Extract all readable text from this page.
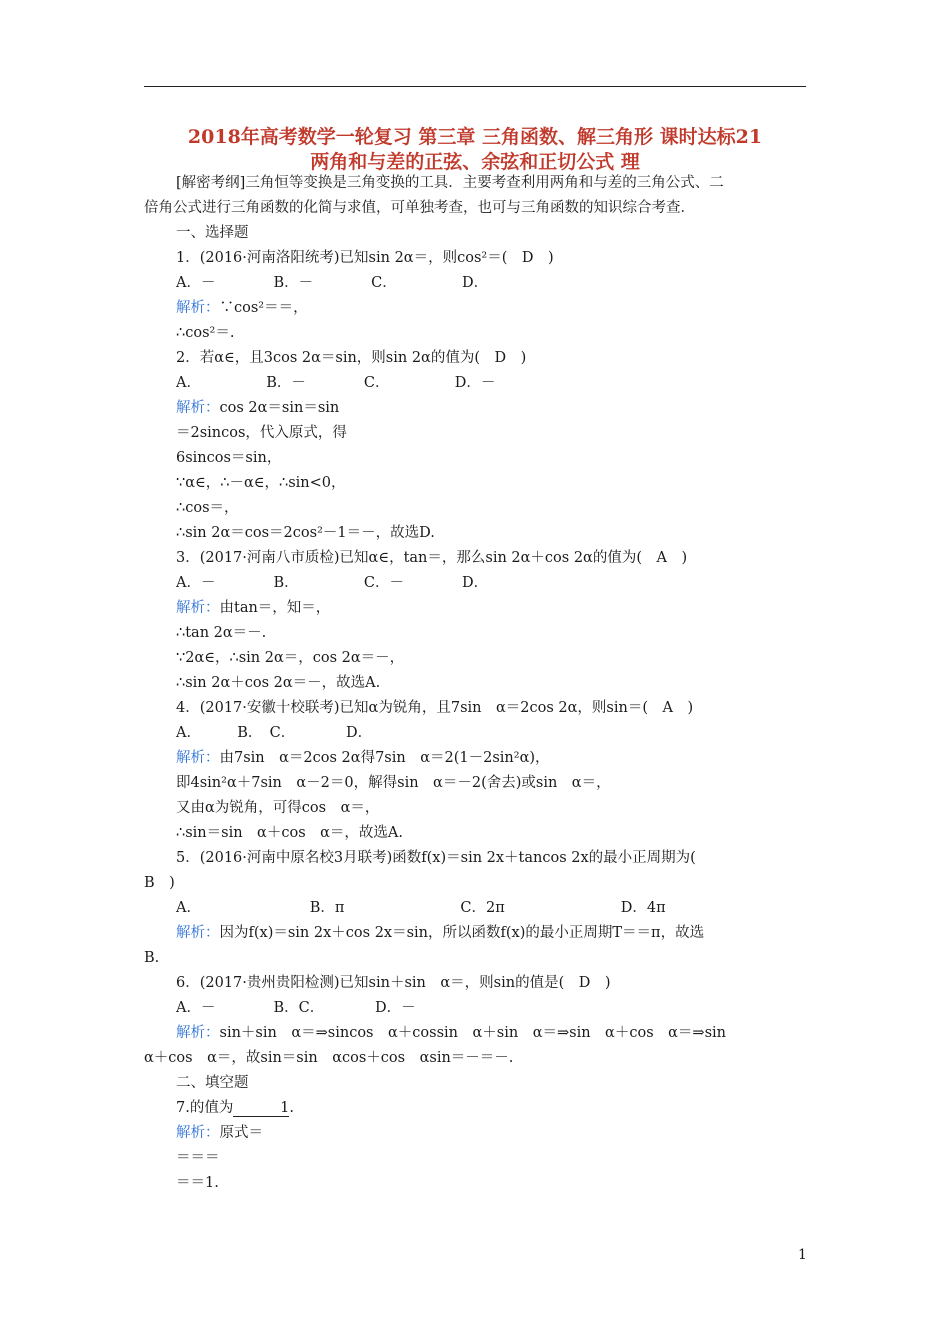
2018年高考数学一轮复习 第三章 三角函数、解三角形 课时达标21
两角和与差的正弦、余弦和正切公式 理
[解密考纲]三角恒等变换是三角变换的工具．主要考查利用两角和与差的三角公式、二
倍角公式进行三角函数的化简与求值，可单独考查，也可与三角函数的知识综合考查．
一、选择题
1．(2016·河南洛阳统考)已知sin 2α＝，则cos²＝(　D　)
A．－　　　　B．－　　　　C．　　　　　D．
解析：∵cos²＝＝，
∴cos²＝.
2．若α∈，且3cos 2α＝sin，则sin 2α的值为(　D　)
A．　　　　　B．－　　　　C．　　　　　D．－
解析：cos 2α＝sin＝sin
＝2sincos，代入原式，得
6sincos＝sin，
∵α∈，∴－α∈，∴sin<0，
∴cos＝，
∴sin 2α＝cos＝2cos²－1＝－，故选D.
3．(2017·河南八市质检)已知α∈，tan＝，那么sin 2α＋cos 2α的值为(　A　)
A．－　　　　B．　　　　　C．－　　　　D．
解析：由tan＝，知＝，
∴tan 2α＝－.
∵2α∈，∴sin 2α＝，cos 2α＝－，
∴sin 2α＋cos 2α＝－，故选A.
4．(2017·安徽十校联考)已知α为锐角，且7sin　α＝2cos 2α，则sin＝(　A　)
A．　　　B．　C．　　　　D．
解析：由7sin　α＝2cos 2α得7sin　α＝2(1－2sin²α)，
即4sin²α＋7sin　α－2＝0，解得sin　α＝－2(舍去)或sin　α＝，
又由α为锐角，可得cos　α＝，
∴sin＝sin　α＋cos　α＝，故选A.
5．(2016·河南中原名校3月联考)函数f(x)＝sin 2x＋tancos 2x的最小正周期为(
B　)
A．　　　　　　　　B．π　　　　　　　　C．2π　　　　　　　　D．4π
解析：因为f(x)＝sin 2x＋cos 2x＝sin，所以函数f(x)的最小正周期T＝＝π，故选
B.
6．(2017·贵州贵阳检测)已知sin＋sin　α＝，则sin的值是(　D　)
A．－　　　　B．C．　　　　D．－
解析：sin＋sin　α＝⇒sincos　α＋cossin　α＋sin　α＝⇒sin　α＋cos　α＝⇒sin
α＋cos　α＝，故sin＝sin　αcos＋cos　αsin＝－＝－.
二、填空题
7.的值为	1.
解析：原式＝
＝＝＝
＝＝1.
1
